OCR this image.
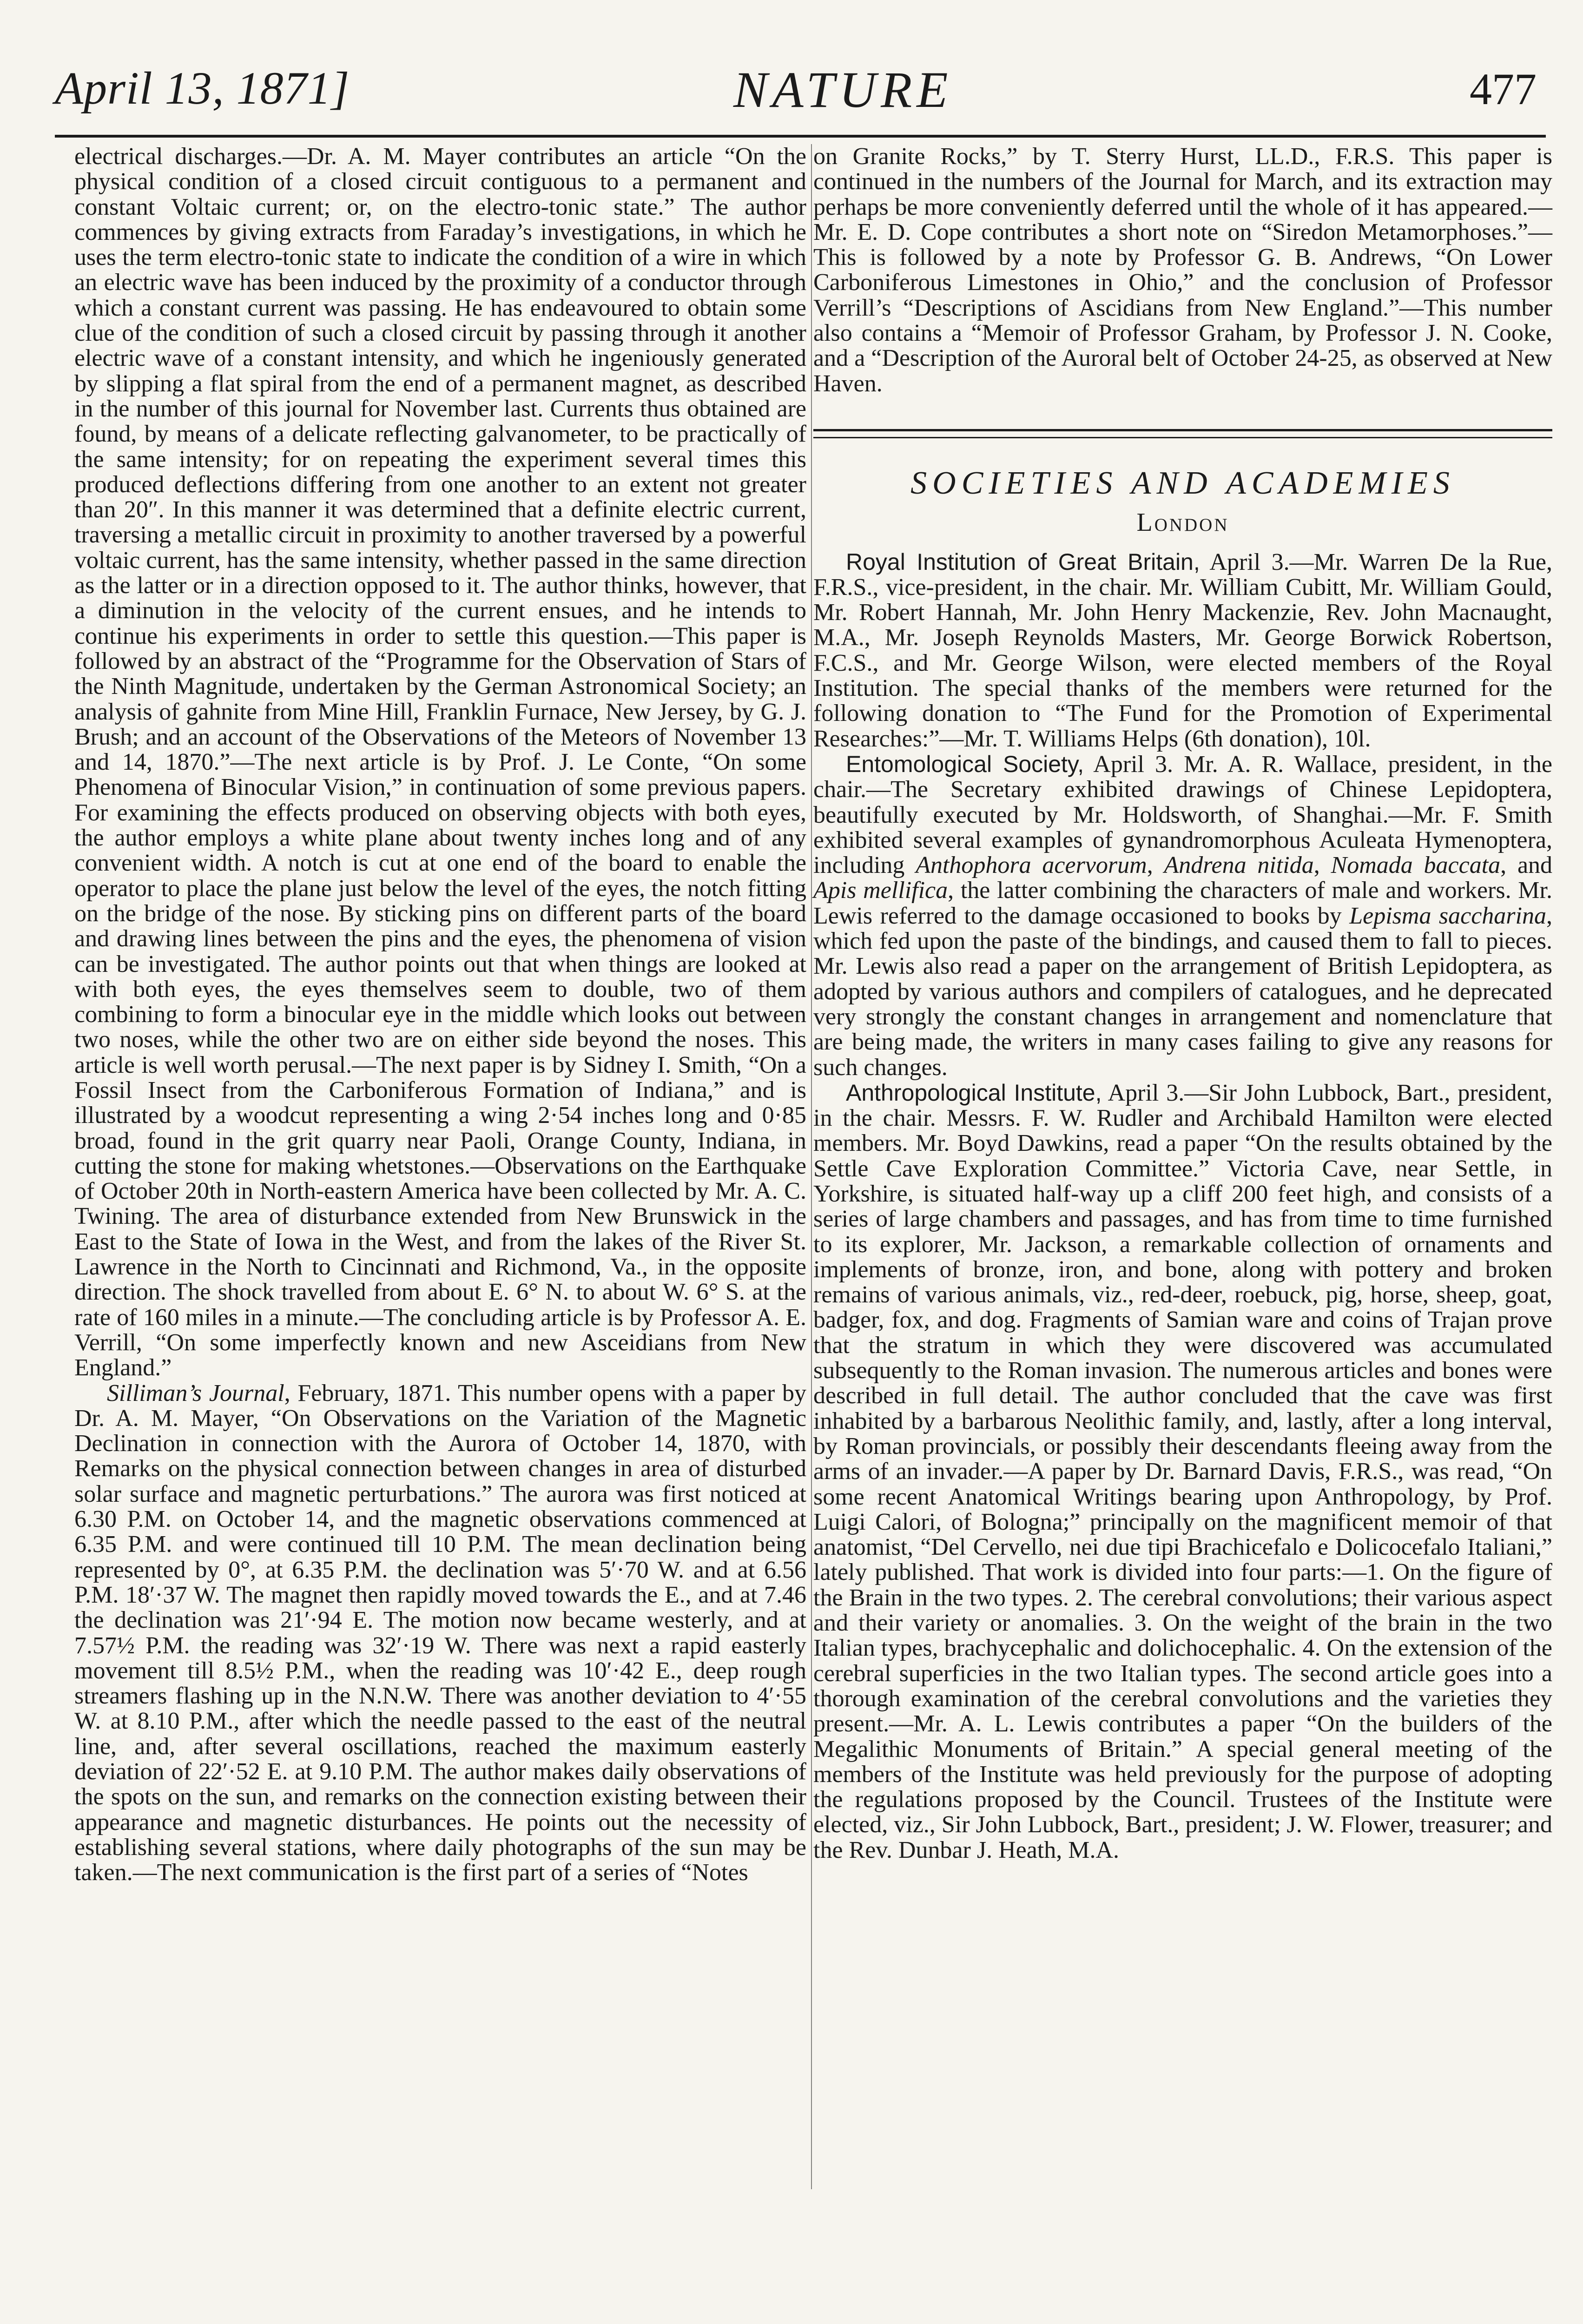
April 13, 1871]	NATURE	477

electrical discharges.—Dr. A. M. Mayer contributes an article “On the physical condition of a closed circuit contiguous to a permanent and constant Voltaic current; or, on the electro-tonic state.” The author commences by giving extracts from Faraday’s investigations, in which he uses the term electro-tonic state to indicate the condition of a wire in which an electric wave has been induced by the proximity of a conductor through which a constant current was passing. He has endeavoured to obtain some clue of the condition of such a closed circuit by passing through it another electric wave of a constant intensity, and which he ingeniously generated by slipping a flat spiral from the end of a permanent magnet, as described in the number of this journal for November last. Currents thus obtained are found, by means of a delicate reflecting galvanometer, to be practically of the same intensity; for on repeating the experiment several times this produced deflections differing from one another to an extent not greater than 20″. In this manner it was determined that a definite electric current, traversing a metallic circuit in proximity to another traversed by a powerful voltaic current, has the same intensity, whether passed in the same direction as the latter or in a direction opposed to it. The author thinks, however, that a diminution in the velocity of the current ensues, and he intends to continue his experiments in order to settle this question.—This paper is followed by an abstract of the “Programme for the Observation of Stars of the Ninth Magnitude, undertaken by the German Astronomical Society; an analysis of gahnite from Mine Hill, Franklin Furnace, New Jersey, by G. J. Brush; and an account of the Observations of the Meteors of November 13 and 14, 1870.”—The next article is by Prof. J. Le Conte, “On some Phenomena of Binocular Vision,” in continuation of some previous papers. For examining the effects produced on observing objects with both eyes, the author employs a white plane about twenty inches long and of any convenient width. A notch is cut at one end of the board to enable the operator to place the plane just below the level of the eyes, the notch fitting on the bridge of the nose. By sticking pins on different parts of the board and drawing lines between the pins and the eyes, the phenomena of vision can be investigated. The author points out that when things are looked at with both eyes, the eyes themselves seem to double, two of them combining to form a binocular eye in the middle which looks out between two noses, while the other two are on either side beyond the noses. This article is well worth perusal.—The next paper is by Sidney I. Smith, “On a Fossil Insect from the Carboniferous Formation of Indiana,” and is illustrated by a woodcut representing a wing 2·54 inches long and 0·85 broad, found in the grit quarry near Paoli, Orange County, Indiana, in cutting the stone for making whetstones.—Observations on the Earthquake of October 20th in North-eastern America have been collected by Mr. A. C. Twining. The area of disturbance extended from New Brunswick in the East to the State of Iowa in the West, and from the lakes of the River St. Lawrence in the North to Cincinnati and Richmond, Va., in the opposite direction. The shock travelled from about E. 6° N. to about W. 6° S. at the rate of 160 miles in a minute.—The concluding article is by Professor A. E. Verrill, “On some imperfectly known and new Asceidians from New England.”

Silliman’s Journal, February, 1871. This number opens with a paper by Dr. A. M. Mayer, “On Observations on the Variation of the Magnetic Declination in connection with the Aurora of October 14, 1870, with Remarks on the physical connection between changes in area of disturbed solar surface and magnetic perturbations.” The aurora was first noticed at 6.30 P.M. on October 14, and the magnetic observations commenced at 6.35 P.M. and were continued till 10 P.M. The mean declination being represented by 0°, at 6.35 P.M. the declination was 5′·70 W. and at 6.56 P.M. 18′·37 W. The magnet then rapidly moved towards the E., and at 7.46 the declination was 21′·94 E. The motion now became westerly, and at 7.57½ P.M. the reading was 32′·19 W. There was next a rapid easterly movement till 8.5½ P.M., when the reading was 10′·42 E., deep rough streamers flashing up in the N.N.W. There was another deviation to 4′·55 W. at 8.10 P.M., after which the needle passed to the east of the neutral line, and, after several oscillations, reached the maximum easterly deviation of 22′·52 E. at 9.10 P.M. The author makes daily observations of the spots on the sun, and remarks on the connection existing between their appearance and magnetic disturbances. He points out the necessity of establishing several stations, where daily photographs of the sun may be taken.—The next communication is the first part of a series of “Notes

on Granite Rocks,” by T. Sterry Hurst, LL.D., F.R.S. This paper is continued in the numbers of the Journal for March, and its extraction may perhaps be more conveniently deferred until the whole of it has appeared.—Mr. E. D. Cope contributes a short note on “Siredon Metamorphoses.”—This is followed by a note by Professor G. B. Andrews, “On Lower Carboniferous Limestones in Ohio,” and the conclusion of Professor Verrill’s “Descriptions of Ascidians from New England.”—This number also contains a “Memoir of Professor Graham, by Professor J. N. Cooke, and a “Description of the Auroral belt of October 24-25, as observed at New Haven.

SOCIETIES AND ACADEMIES
London

Royal Institution of Great Britain, April 3.—Mr. Warren De la Rue, F.R.S., vice-president, in the chair. Mr. William Cubitt, Mr. William Gould, Mr. Robert Hannah, Mr. John Henry Mackenzie, Rev. John Macnaught, M.A., Mr. Joseph Reynolds Masters, Mr. George Borwick Robertson, F.C.S., and Mr. George Wilson, were elected members of the Royal Institution. The special thanks of the members were returned for the following donation to “The Fund for the Promotion of Experimental Researches:”—Mr. T. Williams Helps (6th donation), 10l.

Entomological Society, April 3. Mr. A. R. Wallace, president, in the chair.—The Secretary exhibited drawings of Chinese Lepidoptera, beautifully executed by Mr. Holdsworth, of Shanghai.—Mr. F. Smith exhibited several examples of gynandromorphous Aculeata Hymenoptera, including Anthophora acervorum, Andrena nitida, Nomada baccata, and Apis mellifica, the latter combining the characters of male and workers. Mr. Lewis referred to the damage occasioned to books by Lepisma saccharina, which fed upon the paste of the bindings, and caused them to fall to pieces. Mr. Lewis also read a paper on the arrangement of British Lepidoptera, as adopted by various authors and compilers of catalogues, and he deprecated very strongly the constant changes in arrangement and nomenclature that are being made, the writers in many cases failing to give any reasons for such changes.

Anthropological Institute, April 3.—Sir John Lubbock, Bart., president, in the chair. Messrs. F. W. Rudler and Archibald Hamilton were elected members. Mr. Boyd Dawkins, read a paper “On the results obtained by the Settle Cave Exploration Committee.” Victoria Cave, near Settle, in Yorkshire, is situated half-way up a cliff 200 feet high, and consists of a series of large chambers and passages, and has from time to time furnished to its explorer, Mr. Jackson, a remarkable collection of ornaments and implements of bronze, iron, and bone, along with pottery and broken remains of various animals, viz., red-deer, roebuck, pig, horse, sheep, goat, badger, fox, and dog. Fragments of Samian ware and coins of Trajan prove that the stratum in which they were discovered was accumulated subsequently to the Roman invasion. The numerous articles and bones were described in full detail. The author concluded that the cave was first inhabited by a barbarous Neolithic family, and, lastly, after a long interval, by Roman provincials, or possibly their descendants fleeing away from the arms of an invader.—A paper by Dr. Barnard Davis, F.R.S., was read, “On some recent Anatomical Writings bearing upon Anthropology, by Prof. Luigi Calori, of Bologna;” principally on the magnificent memoir of that anatomist, “Del Cervello, nei due tipi Brachicefalo e Dolicocefalo Italiani,” lately published. That work is divided into four parts:—1. On the figure of the Brain in the two types. 2. The cerebral convolutions; their various aspect and their variety or anomalies. 3. On the weight of the brain in the two Italian types, brachycephalic and dolichocephalic. 4. On the extension of the cerebral superficies in the two Italian types. The second article goes into a thorough examination of the cerebral convolutions and the varieties they present.—Mr. A. L. Lewis contributes a paper “On the builders of the Megalithic Monuments of Britain.” A special general meeting of the members of the Institute was held previously for the purpose of adopting the regulations proposed by the Council. Trustees of the Institute were elected, viz., Sir John Lubbock, Bart., president; J. W. Flower, treasurer; and the Rev. Dunbar J. Heath, M.A.
